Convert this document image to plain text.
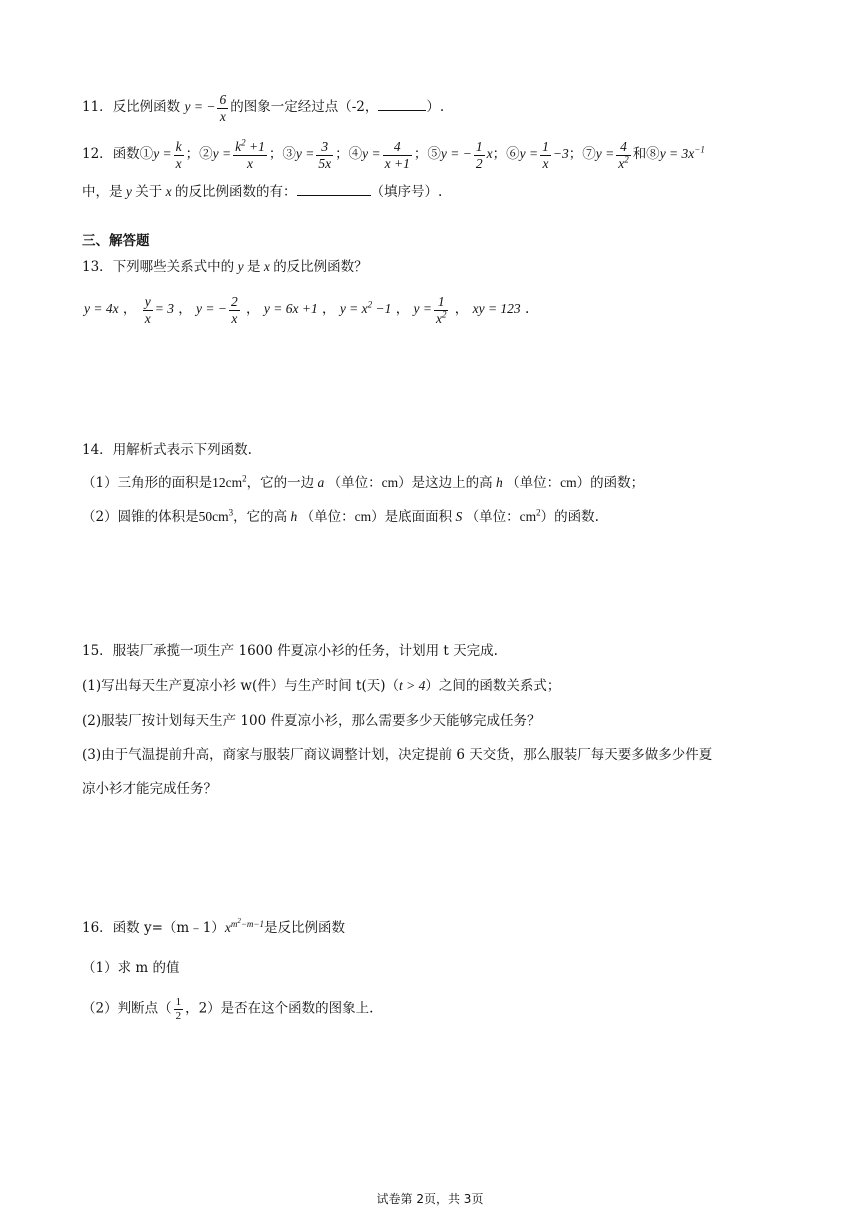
11．反比例函数 y = − $\frac{6}{x}$ 的图象一定经过点（-2，	）.
12．函数①y = $\frac{k}{x}$ ；②y = $\frac{k^2 +1}{x}$ ；③y = $\frac{3}{5x}$ ；④y = $\frac{4}{x +1}$ ；⑤y = − $\frac{1}{2}$ x；⑥y = $\frac{1}{x} -3$；⑦y = $\frac{4}{x^2}$ 和⑧y = $3x^{-1}$
中，是 y 关于 x 的反比例函数的有：	（填序号）.
三、解答题
13．下列哪些关系式中的 y 是 x 的反比例函数？
y = 4x ， $\frac{y}{x} = 3$ ， y = − $\frac{2}{x}$ ， y = 6x +1 ， $y = x^2 -1$ ， $y = \frac{1}{x^2}$ ， xy = 123 .
14．用解析式表示下列函数.
（1）三角形的面积是$12cm^2$，它的一边 a （单位：cm）是这边上的高 h （单位：cm）的函数；
（2）圆锥的体积是$50cm^3$，它的高 h （单位：cm）是底面面积 S （单位：$cm^2$）的函数.
15．服装厂承揽一项生产 1600 件夏凉小衫的任务，计划用 t 天完成.
(1)写出每天生产夏凉小衫 w(件）与生产时间 t(天)（t > 4）之间的函数关系式；
(2)服装厂按计划每天生产 100 件夏凉小衫，那么需要多少天能够完成任务？
(3)由于气温提前升高，商家与服装厂商议调整计划，决定提前 6 天交货，那么服装厂每天要多做多少件夏
凉小衫才能完成任务？
16．函数 $y=(m﹣1)x^{m^2-m-1}$是反比例函数
（1）求 m 的值
（2）判断点（ $\frac{1}{2}$ ，2）是否在这个函数的图象上.
试卷第 2页，共 3页
